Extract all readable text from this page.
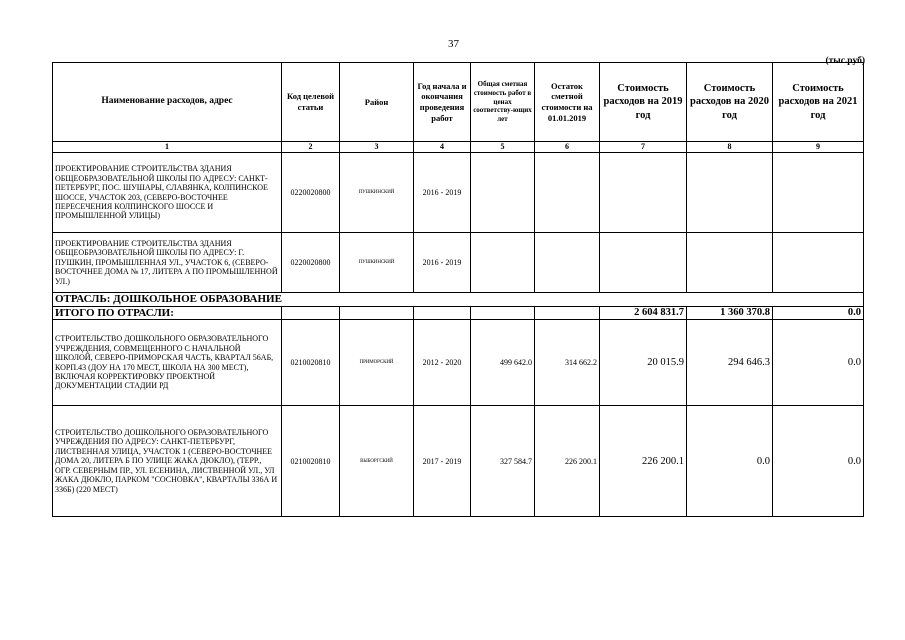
37
(тыс.руб)
Наименование расходов, адрес	Код целевой статьи	Район	Год начала и окончания проведения работ	Общая сметная стоимость работ в ценах соответству-ющих лет	Остаток сметной стоимости на 01.01.2019	Стоимость расходов на 2019 год	Стоимость расходов на 2020 год	Стоимость расходов на 2021 год
1	2	3	4	5	6	7	8	9
ПРОЕКТИРОВАНИЕ СТРОИТЕЛЬСТВА ЗДАНИЯ ОБЩЕОБРАЗОВАТЕЛЬНОЙ ШКОЛЫ ПО АДРЕСУ: САНКТ-ПЕТЕРБУРГ, ПОС. ШУШАРЫ, СЛАВЯНКА, КОЛПИНСКОЕ ШОССЕ, УЧАСТОК 203, (СЕВЕРО-ВОСТОЧНЕЕ ПЕРЕСЕЧЕНИЯ КОЛПИНСКОГО ШОССЕ И ПРОМЫШЛЕННОЙ УЛИЦЫ)	0220020800	ПУШКИНСКИЙ	2016 - 2019					
ПРОЕКТИРОВАНИЕ СТРОИТЕЛЬСТВА ЗДАНИЯ ОБЩЕОБРАЗОВАТЕЛЬНОЙ ШКОЛЫ ПО АДРЕСУ: Г. ПУШКИН, ПРОМЫШЛЕННАЯ УЛ., УЧАСТОК 6, (СЕВЕРО-ВОСТОЧНЕЕ ДОМА № 17, ЛИТЕРА А ПО ПРОМЫШЛЕННОЙ УЛ.)	0220020800	ПУШКИНСКИЙ	2016 - 2019					
ОТРАСЛЬ: ДОШКОЛЬНОЕ ОБРАЗОВАНИЕ								
ИТОГО ПО ОТРАСЛИ:						2 604 831.7	1 360 370.8	0.0
СТРОИТЕЛЬСТВО ДОШКОЛЬНОГО ОБРАЗОВАТЕЛЬНОГО УЧРЕЖДЕНИЯ, СОВМЕЩЕННОГО С НАЧАЛЬНОЙ ШКОЛОЙ, СЕВЕРО-ПРИМОРСКАЯ ЧАСТЬ, КВАРТАЛ 56АБ, КОРП.43 (ДОУ НА 170 МЕСТ, ШКОЛА НА 300 МЕСТ), ВКЛЮЧАЯ КОРРЕКТИРОВКУ ПРОЕКТНОЙ ДОКУМЕНТАЦИИ СТАДИИ РД	0210020810	ПРИМОРСКИЙ	2012 - 2020	499 642.0	314 662.2	20 015.9	294 646.3	0.0
СТРОИТЕЛЬСТВО ДОШКОЛЬНОГО ОБРАЗОВАТЕЛЬНОГО УЧРЕЖДЕНИЯ ПО АДРЕСУ: САНКТ-ПЕТЕРБУРГ, ЛИСТВЕННАЯ УЛИЦА, УЧАСТОК 1 (СЕВЕРО-ВОСТОЧНЕЕ ДОМА 20, ЛИТЕРА Б ПО УЛИЦЕ ЖАКА ДЮКЛО), (ТЕРР., ОГР. СЕВЕРНЫМ ПР., УЛ. ЕСЕНИНА, ЛИСТВЕННОЙ УЛ., УЛ ЖАКА ДЮКЛО, ПАРКОМ "СОСНОВКА", КВАРТАЛЫ 336А И 336Б) (220 МЕСТ)	0210020810	ВЫБОРГСКИЙ	2017 - 2019	327 584.7	226 200.1	226 200.1	0.0	0.0
